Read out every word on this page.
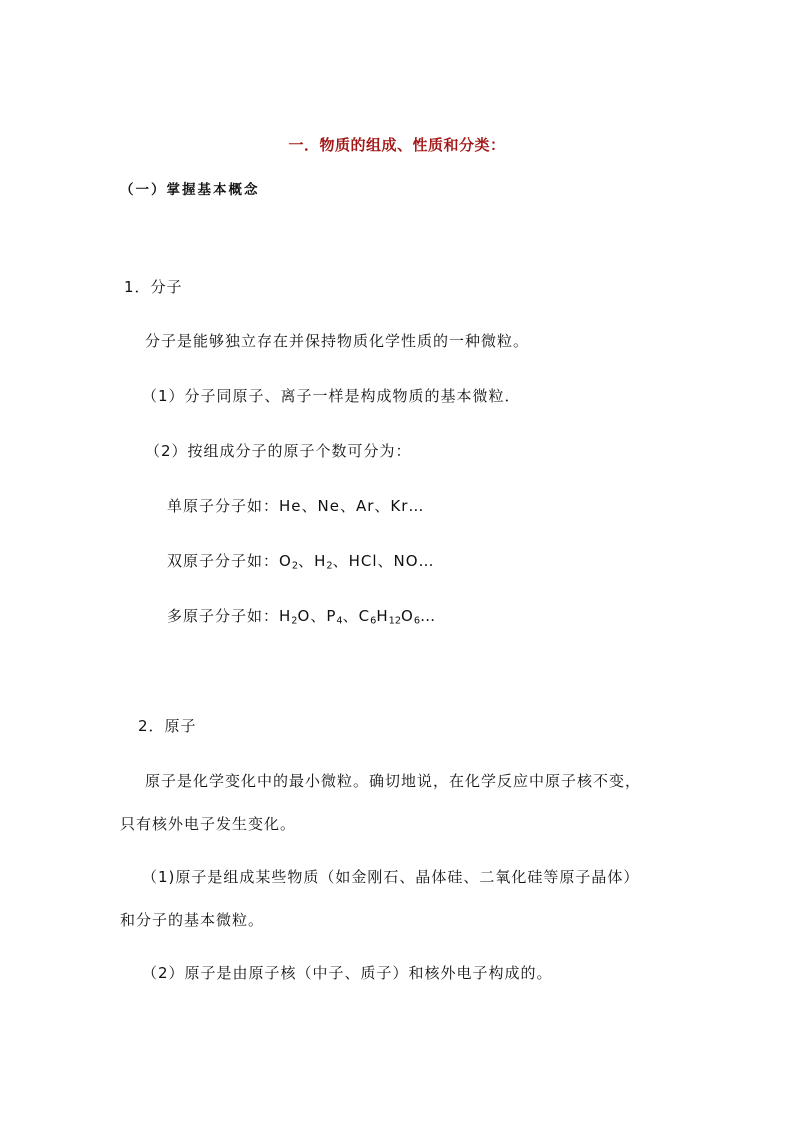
一．物质的组成、性质和分类：
（一）掌握基本概念
1．分子
分子是能够独立存在并保持物质化学性质的一种微粒。
（1）分子同原子、离子一样是构成物质的基本微粒．
（2）按组成分子的原子个数可分为：
单原子分子如：He、Ne、Ar、Kr…
双原子分子如：$O_2$、$H_2$、HCl、NO…
多原子分子如：$H_2O$、$P_4$、$C_6H_{12}O_6\dots$
2．原子
原子是化学变化中的最小微粒。确切地说，在化学反应中原子核不变，
只有核外电子发生变化。
（1)原子是组成某些物质（如金刚石、晶体硅、二氧化硅等原子晶体）
和分子的基本微粒。
（2）原子是由原子核（中子、质子）和核外电子构成的。
